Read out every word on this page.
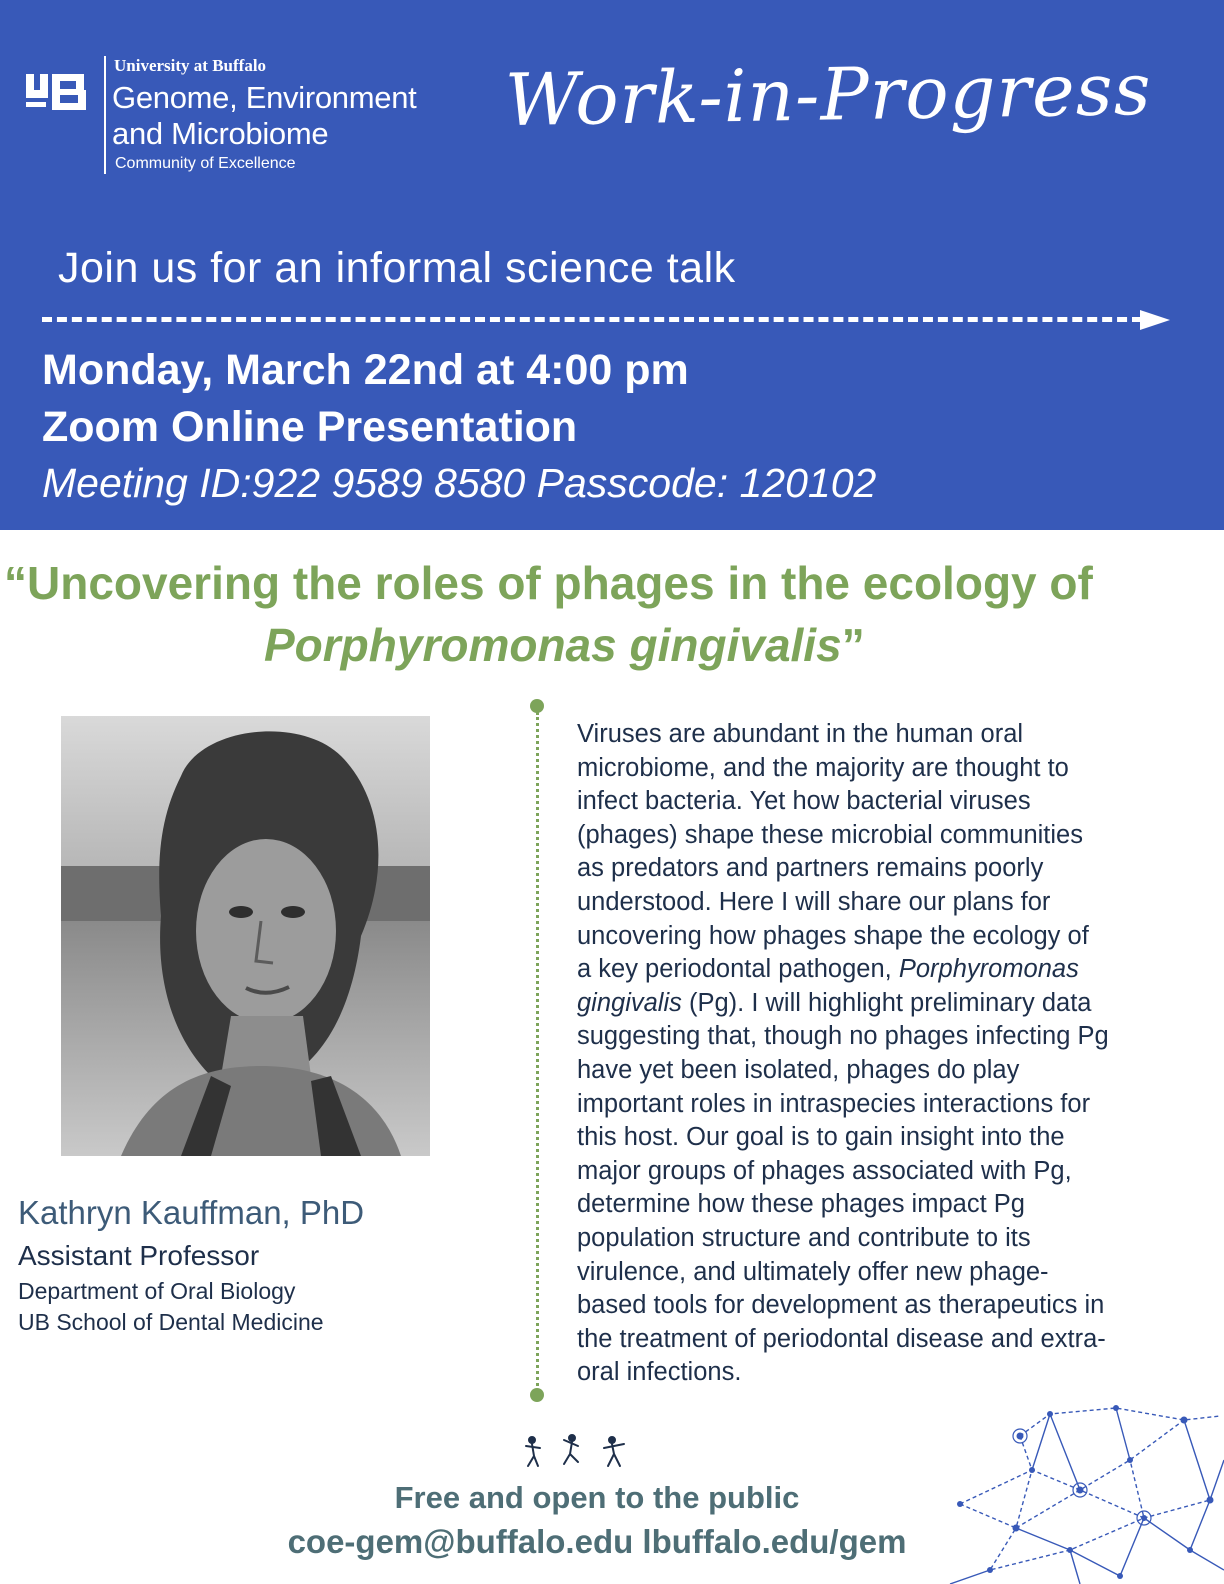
University at Buffalo
Genome, Environment
and Microbiome
Community of Excellence
Work-in-Progress
Join us for an informal science talk
Monday, March 22nd at 4:00 pm
Zoom Online Presentation
Meeting ID:922 9589 8580 Passcode: 120102
“Uncovering the roles of phages in the ecology of
Porphyromonas gingivalis”
Kathryn Kauffman, PhD
Assistant Professor
Department of Oral Biology
UB School of Dental Medicine

Viruses are abundant in the human oral

microbiome, and the majority are thought to

infect bacteria. Yet how bacterial viruses

(phages) shape these microbial communities

as predators and partners remains poorly

understood. Here I will share our plans for

uncovering how phages shape the ecology of

a key periodontal pathogen, Porphyromonas

gingivalis (Pg). I will highlight preliminary data

suggesting that, though no phages infecting Pg

have yet been isolated, phages do play

important roles in intraspecies interactions for

this host. Our goal is to gain insight into the

major groups of phages associated with Pg,

determine how these phages impact Pg

population structure and contribute to its

virulence, and ultimately offer new phage-

based tools for development as therapeutics in

the treatment of periodontal disease and extra-

oral infections.

Free and open to the public
coe-gem@buffalo.edu lbuffalo.edu/gem
